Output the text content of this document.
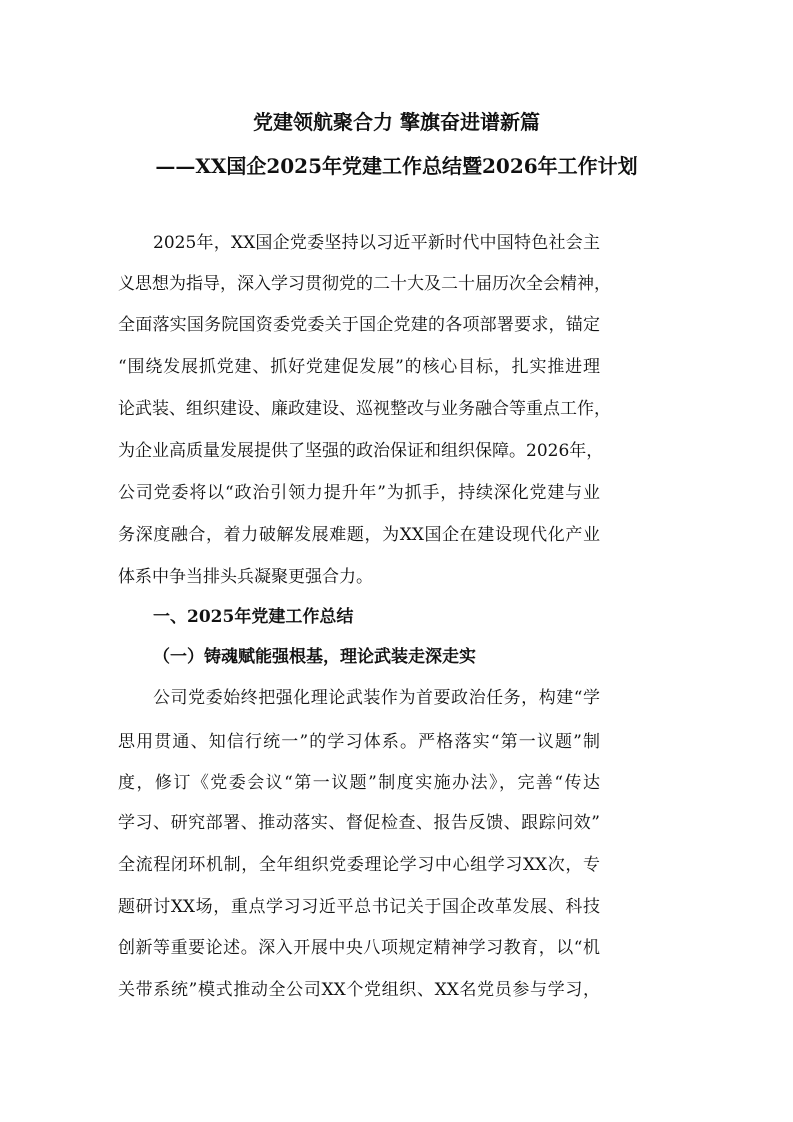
党建领航聚合力 擎旗奋进谱新篇
——XX国企2025年党建工作总结暨2026年工作计划
2025年，XX国企党委坚持以习近平新时代中国特色社会主
义思想为指导，深入学习贯彻党的二十大及二十届历次全会精神，
全面落实国务院国资委党委关于国企党建的各项部署要求，锚定
“围绕发展抓党建、抓好党建促发展”的核心目标，扎实推进理
论武装、组织建设、廉政建设、巡视整改与业务融合等重点工作，
为企业高质量发展提供了坚强的政治保证和组织保障。2026年，
公司党委将以“政治引领力提升年”为抓手，持续深化党建与业
务深度融合，着力破解发展难题，为XX国企在建设现代化产业
体系中争当排头兵凝聚更强合力。
一、2025年党建工作总结
（一）铸魂赋能强根基，理论武装走深走实
公司党委始终把强化理论武装作为首要政治任务，构建“学
思用贯通、知信行统一”的学习体系。严格落实“第一议题”制
度，修订《党委会议“第一议题”制度实施办法》，完善“传达
学习、研究部署、推动落实、督促检查、报告反馈、跟踪问效”
全流程闭环机制，全年组织党委理论学习中心组学习XX次，专
题研讨XX场，重点学习习近平总书记关于国企改革发展、科技
创新等重要论述。深入开展中央八项规定精神学习教育，以“机
关带系统”模式推动全公司XX个党组织、XX名党员参与学习，
